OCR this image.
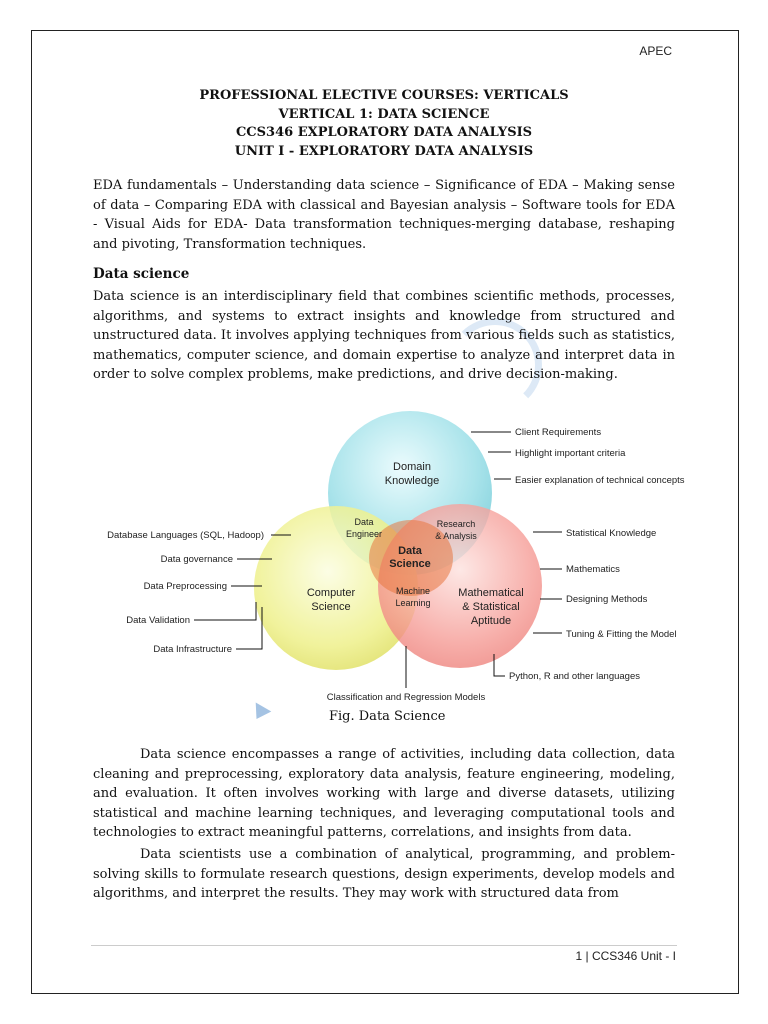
APEC
PROFESSIONAL ELECTIVE COURSES: VERTICALS
VERTICAL 1: DATA SCIENCE
CCS346 EXPLORATORY DATA ANALYSIS
UNIT I - EXPLORATORY DATA ANALYSIS
EDA fundamentals – Understanding data science – Significance of EDA – Making sense of data – Comparing EDA with classical and Bayesian analysis – Software tools for EDA - Visual Aids for EDA- Data transformation techniques-merging database, reshaping and pivoting, Transformation techniques.
Data science
Data science is an interdisciplinary field that combines scientific methods, processes, algorithms, and systems to extract insights and knowledge from structured and unstructured data. It involves applying techniques from various fields such as statistics, mathematics, computer science, and domain expertise to analyze and interpret data in order to solve complex problems, make predictions, and drive decision-making.
Domain Knowledge
Computer Science
Mathematical & Statistical Aptitude
Data Engineer
Research & Analysis
Data Science
Machine Learning
Client Requirements
Highlight important criteria
Easier explanation of technical concepts
Statistical Knowledge
Mathematics
Designing Methods
Tuning & Fitting the Model
Python, R and other languages
Database Languages (SQL, Hadoop)
Data governance
Data Preprocessing
Data Validation
Data Infrastructure
Classification and Regression Models
Fig. Data Science
Data science encompasses a range of activities, including data collection, data cleaning and preprocessing, exploratory data analysis, feature engineering, modeling, and evaluation. It often involves working with large and diverse datasets, utilizing statistical and machine learning techniques, and leveraging computational tools and technologies to extract meaningful patterns, correlations, and insights from data.
Data scientists use a combination of analytical, programming, and problem-solving skills to formulate research questions, design experiments, develop models and algorithms, and interpret the results. They may work with structured data from
1 | CCS346 Unit - I
